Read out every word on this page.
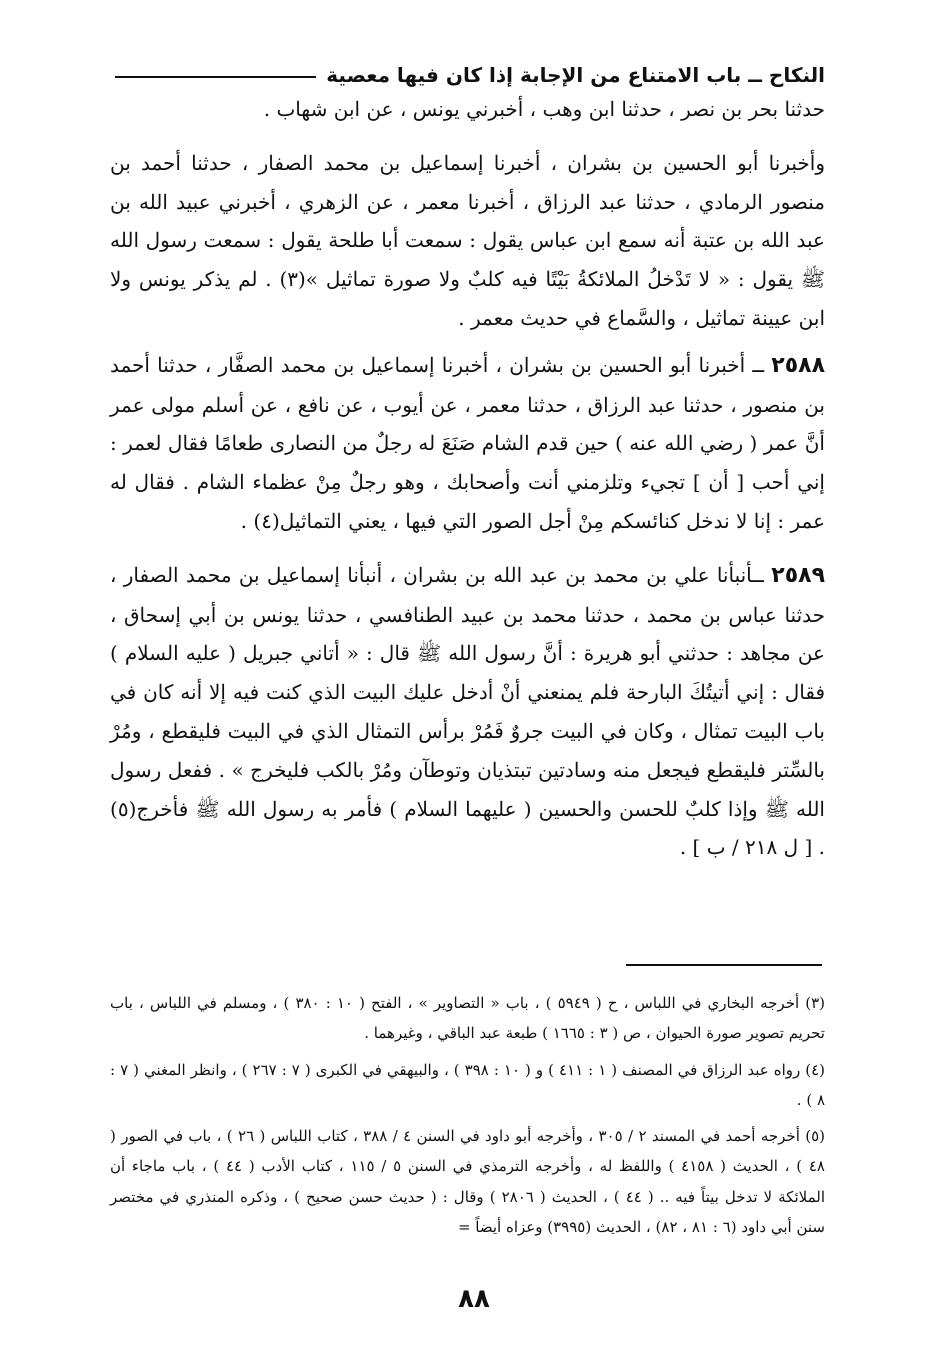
النكاح ــ باب الامتناع من الإجابة إذا كان فيها معصية

حدثنا بحر بن نصر ، حدثنا ابن وهب ، أخبرني يونس ، عن ابن شهاب .

وأخبرنا أبو الحسين بن بشران ، أخبرنا إسماعيل بن محمد الصفار ، حدثنا أحمد بن منصور الرمادي ، حدثنا عبد الرزاق ، أخبرنا معمر ، عن الزهري ، أخبرني عبيد الله بن عبد الله بن عتبة أنه سمع ابن عباس يقول : سمعت أبا طلحة يقول : سمعت رسول الله ﷺ يقول : « لا تَدْخلُ الملائكةُ بَيْتًا فيه كلبٌ ولا صورة تماثيل »(٣) . لم يذكر يونس ولا ابن عيينة تماثيل ، والسَّماع في حديث معمر .

٢٥٨٨ ــ أخبرنا أبو الحسين بن بشران ، أخبرنا إسماعيل بن محمد الصفَّار ، حدثنا أحمد بن منصور ، حدثنا عبد الرزاق ، حدثنا معمر ، عن أيوب ، عن نافع ، عن أسلم مولى عمر أنَّ عمر ( رضي الله عنه ) حين قدم الشام صَنَعَ له رجلٌ من النصارى طعامًا فقال لعمر : إني أحب [ أن ] تجيء وتلزمني أنت وأصحابك ، وهو رجلٌ مِنْ عظماء الشام . فقال له عمر : إنا لا ندخل كنائسكم مِنْ أجل الصور التي فيها ، يعني التماثيل(٤) .

٢٥٨٩ ــأنبأنا علي بن محمد بن عبد الله بن بشران ، أنبأنا إسماعيل بن محمد الصفار ، حدثنا عباس بن محمد ، حدثنا محمد بن عبيد الطنافسي ، حدثنا يونس بن أبي إسحاق ، عن مجاهد : حدثني أبو هريرة : أنَّ رسول الله ﷺ قال : « أتاني جبريل ( عليه السلام ) فقال : إني أتيتُكَ البارحة فلم يمنعني أنْ أدخل عليك البيت الذي كنت فيه إلا أنه كان في باب البيت تمثال ، وكان في البيت جروٌ فَمُرْ برأس التمثال الذي في البيت فليقطع ، ومُرْ بالسِّتر فليقطع فيجعل منه وسادتين تبتذيان وتوطآن ومُرْ بالكب فليخرج » . ففعل رسول الله ﷺ وإذا كلبٌ للحسن والحسين ( عليهما السلام ) فأمر به رسول الله ﷺ فأخرج(٥) . [ ل ٢١٨ / ب ] .

(٣) أخرجه البخاري في اللباس ، ح ( ٥٩٤٩ ) ، باب « التصاوير » ، الفتح ( ١٠ : ٣٨٠ ) ، ومسلم في اللباس ، باب تحريم تصوير صورة الحيوان ، ص ( ٣ : ١٦٦٥ ) طبعة عبد الباقي ، وغيرهما .

(٤) رواه عبد الرزاق في المصنف ( ١ : ٤١١ ) و ( ١٠ : ٣٩٨ ) ، والبيهقي في الكبرى ( ٧ : ٢٦٧ ) ، وانظر المغني ( ٧ : ٨ ) .

(٥) أخرجه أحمد في المسند ٢ / ٣٠٥ ، وأخرجه أبو داود في السنن ٤ / ٣٨٨ ، كتاب اللباس ( ٢٦ ) ، باب في الصور ( ٤٨ ) ، الحديث ( ٤١٥٨ ) واللفظ له ، وأخرجه الترمذي في السنن ٥ / ١١٥ ، كتاب الأدب ( ٤٤ ) ، باب ماجاء أن الملائكة لا تدخل بيتاً فيه .. ( ٤٤ ) ، الحديث ( ٢٨٠٦ ) وقال : ( حديث حسن صحيح ) ، وذكره المنذري في مختصر سنن أبي داود (٦ : ٨١ ، ٨٢) ، الحديث (٣٩٩٥) وعزاه أيضاً =

٨٨
